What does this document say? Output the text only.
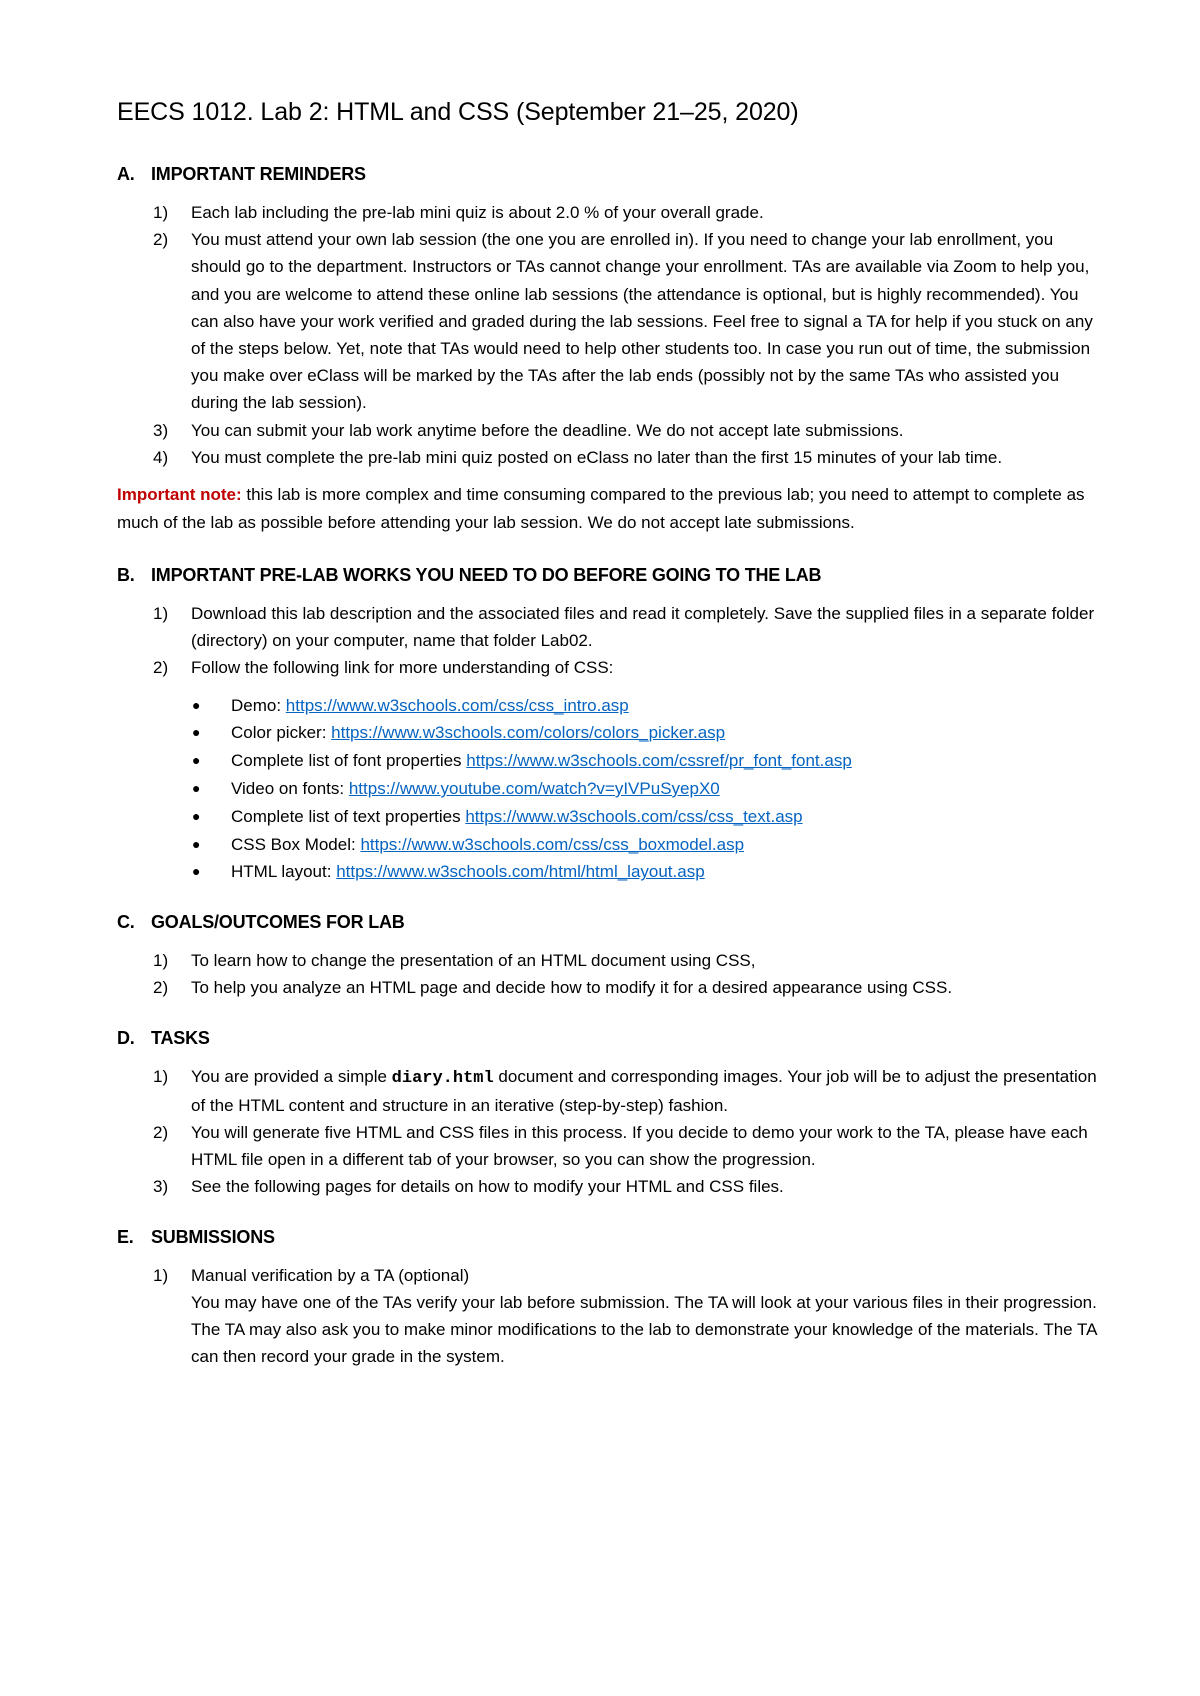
EECS 1012. Lab 2: HTML and CSS (September 21–25, 2020)
A. IMPORTANT REMINDERS
1) Each lab including the pre-lab mini quiz is about 2.0 % of your overall grade.
2) You must attend your own lab session (the one you are enrolled in). If you need to change your lab enrollment, you should go to the department. Instructors or TAs cannot change your enrollment. TAs are available via Zoom to help you, and you are welcome to attend these online lab sessions (the attendance is optional, but is highly recommended). You can also have your work verified and graded during the lab sessions. Feel free to signal a TA for help if you stuck on any of the steps below. Yet, note that TAs would need to help other students too. In case you run out of time, the submission you make over eClass will be marked by the TAs after the lab ends (possibly not by the same TAs who assisted you during the lab session).
3) You can submit your lab work anytime before the deadline. We do not accept late submissions.
4) You must complete the pre-lab mini quiz posted on eClass no later than the first 15 minutes of your lab time.

Important note: this lab is more complex and time consuming compared to the previous lab; you need to attempt to complete as much of the lab as possible before attending your lab session. We do not accept late submissions.

B. IMPORTANT PRE-LAB WORKS YOU NEED TO DO BEFORE GOING TO THE LAB
1) Download this lab description and the associated files and read it completely. Save the supplied files in a separate folder (directory) on your computer, name that folder Lab02.
2) Follow the following link for more understanding of CSS:
● Demo: https://www.w3schools.com/css/css_intro.asp
● Color picker: https://www.w3schools.com/colors/colors_picker.asp
● Complete list of font properties https://www.w3schools.com/cssref/pr_font_font.asp
● Video on fonts: https://www.youtube.com/watch?v=yIVPuSyepX0
● Complete list of text properties https://www.w3schools.com/css/css_text.asp
● CSS Box Model: https://www.w3schools.com/css/css_boxmodel.asp
● HTML layout: https://www.w3schools.com/html/html_layout.asp
C. GOALS/OUTCOMES FOR LAB
1) To learn how to change the presentation of an HTML document using CSS,
2) To help you analyze an HTML page and decide how to modify it for a desired appearance using CSS.
D. TASKS
1) You are provided a simple diary.html document and corresponding images. Your job will be to adjust the presentation of the HTML content and structure in an iterative (step-by-step) fashion.
2) You will generate five HTML and CSS files in this process. If you decide to demo your work to the TA, please have each HTML file open in a different tab of your browser, so you can show the progression.
3) See the following pages for details on how to modify your HTML and CSS files.
E. SUBMISSIONS
1) Manual verification by a TA (optional)
You may have one of the TAs verify your lab before submission. The TA will look at your various files in their progression. The TA may also ask you to make minor modifications to the lab to demonstrate your knowledge of the materials. The TA can then record your grade in the system.
